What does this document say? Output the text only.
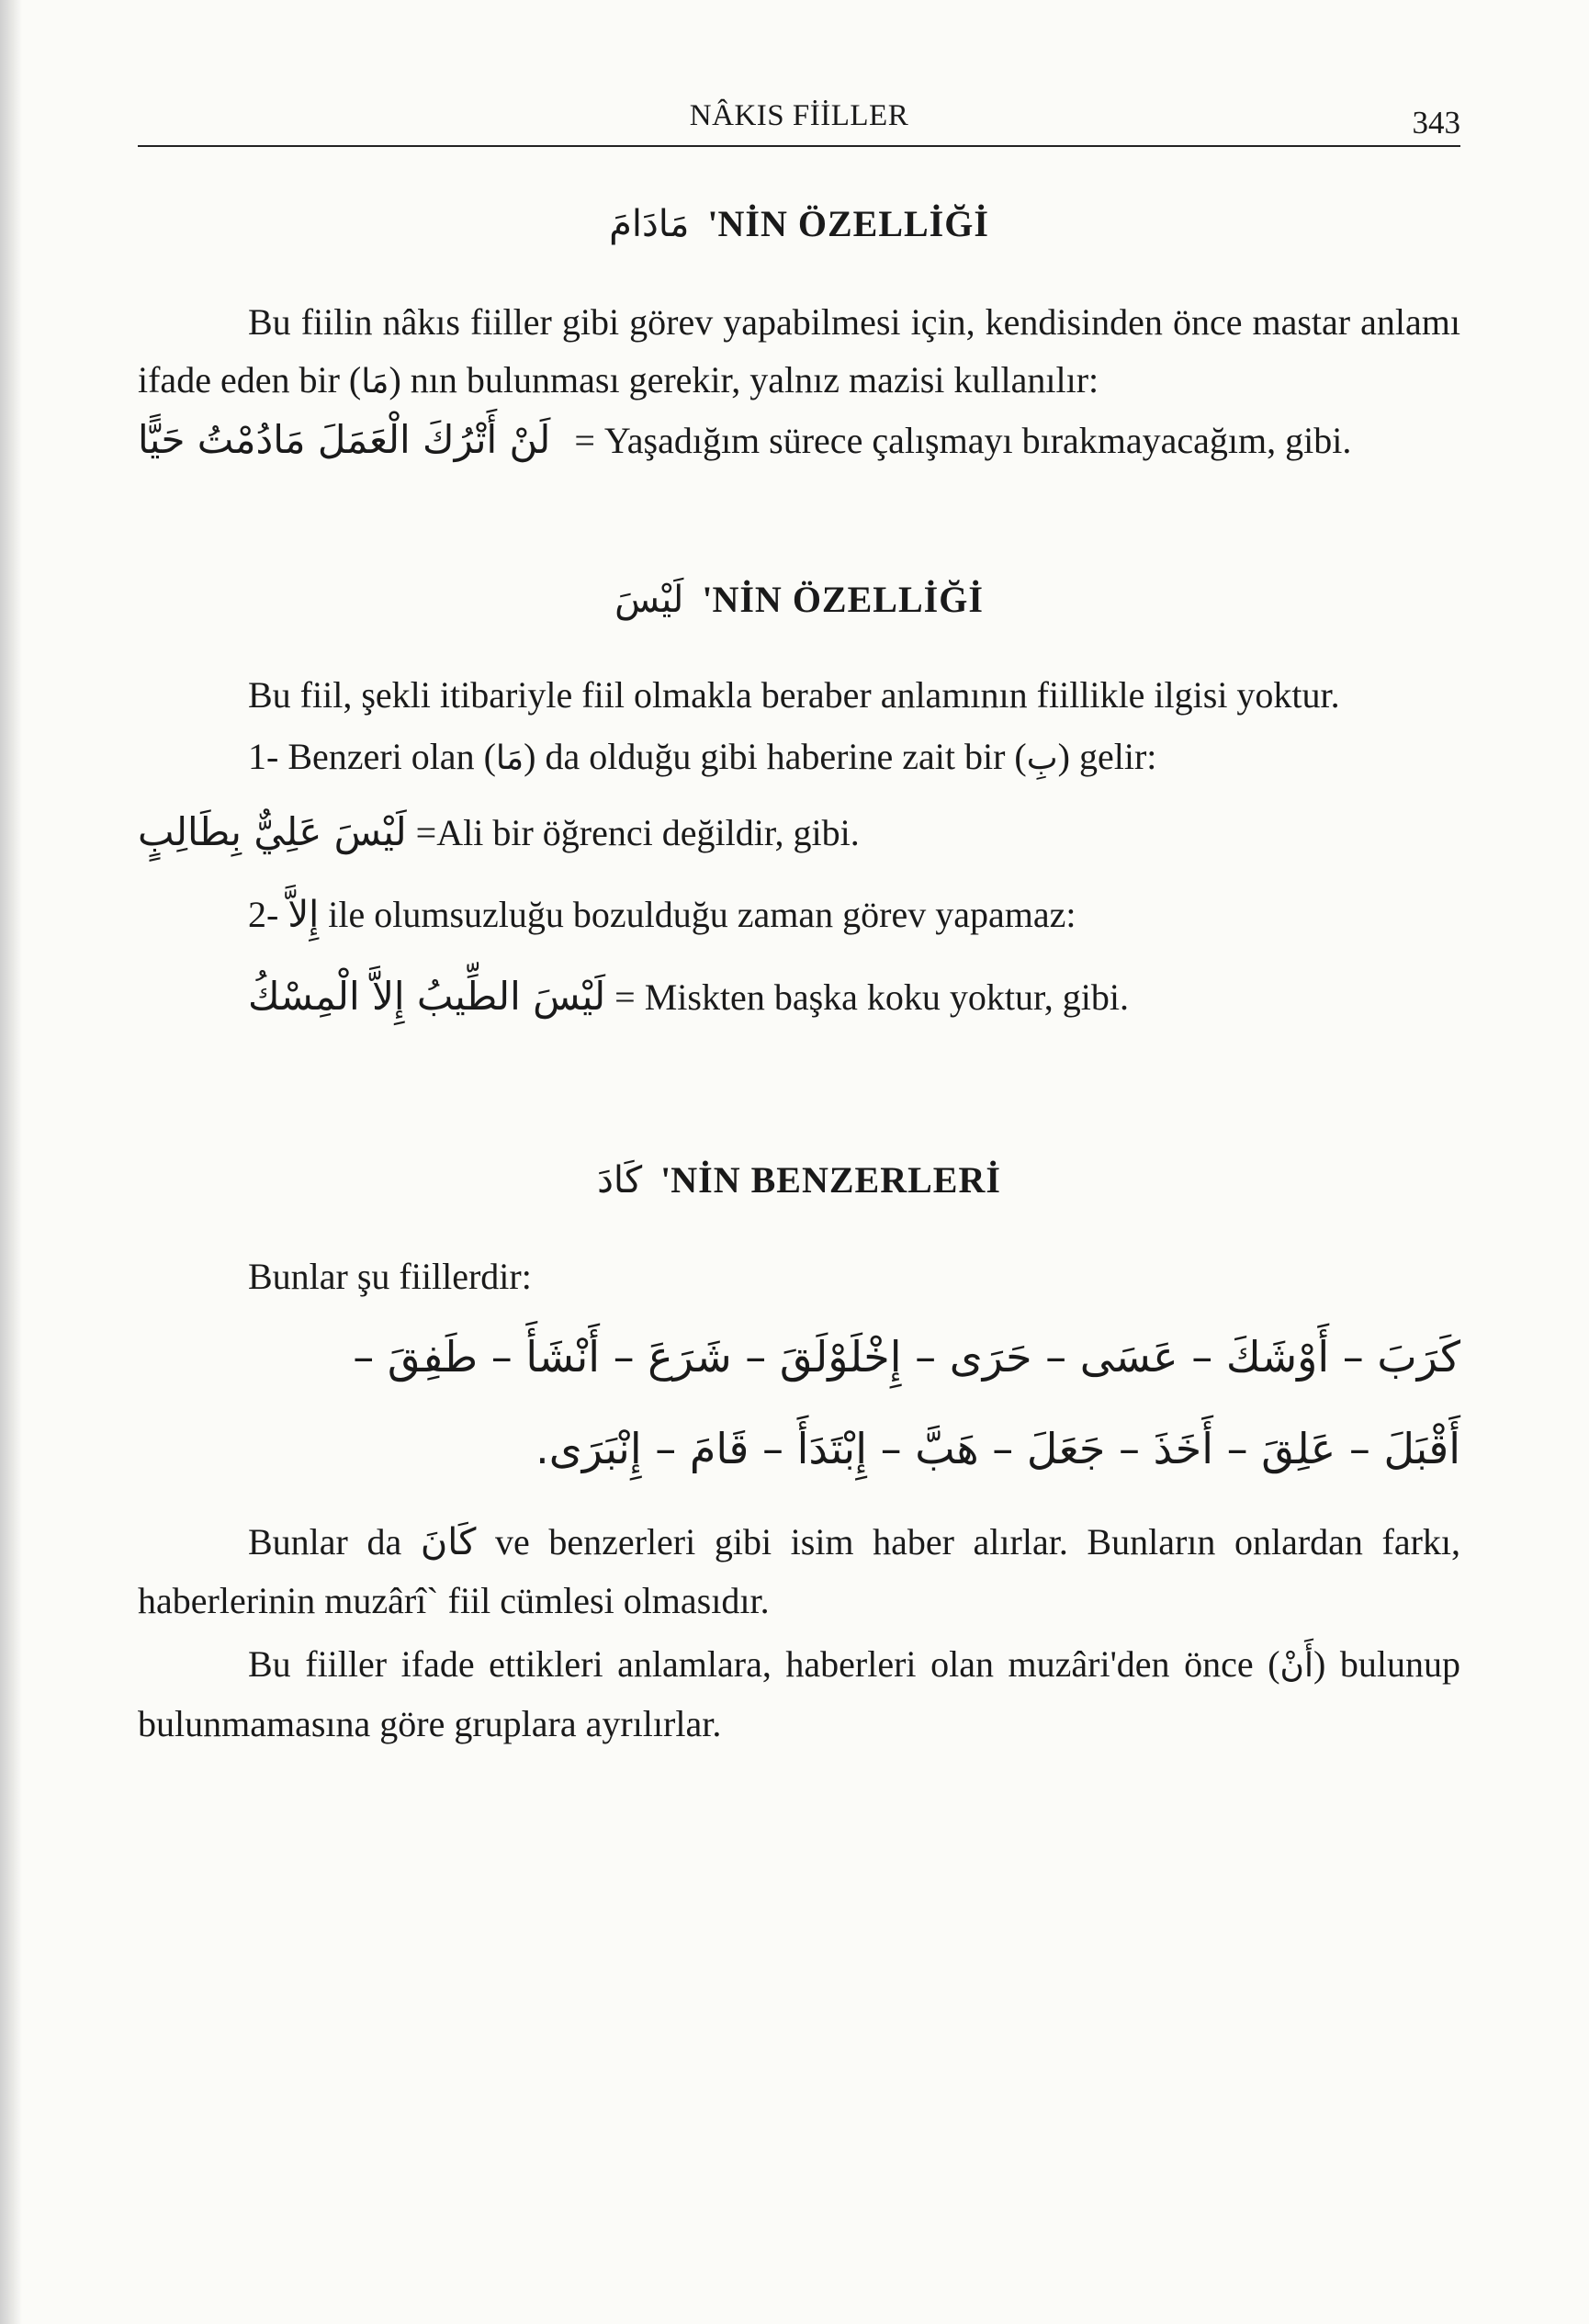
NÂKIS FİİLLER	343
مَادَامَ 'NİN ÖZELLİĞİ

Bu fiilin nâkıs fiiller gibi görev yapabilmesi için, kendisinden önce mastar anlamı ifade eden bir (مَا) nın bulunması gerekir, yalnız mazisi kullanılır:

لَنْ أَتْرُكَ الْعَمَلَ مَادُمْتُ حَيًّا = Yaşadığım sürece çalışmayı bırakmayacağım, gibi.

لَيْسَ 'NİN ÖZELLİĞİ

Bu fiil, şekli itibariyle fiil olmakla beraber anlamının fiillikle ilgisi yoktur.

1- Benzeri olan (مَا) da olduğu gibi haberine zait bir (بِ) gelir:

لَيْسَ عَلِيٌّ بِطَالِبٍ =Ali bir öğrenci değildir, gibi.

2- إِلاَّ ile olumsuzluğu bozulduğu zaman görev yapamaz:

لَيْسَ الطِّيبُ إِلاَّ الْمِسْكُ = Miskten başka koku yoktur, gibi.

كَادَ 'NİN BENZERLERİ

Bunlar şu fiillerdir:

كَرَبَ – أَوْشَكَ – عَسَى – حَرَى – إِخْلَوْلَقَ – شَرَعَ – أَنْشَأَ – طَفِقَ –
أَقْبَلَ – عَلِقَ – أَخَذَ – جَعَلَ – هَبَّ – إِبْتَدَأَ – قَامَ – إِنْبَرَى.

Bunlar da كَانَ ve benzerleri gibi isim haber alırlar. Bunların onlardan farkı, haberlerinin muzârî` fiil cümlesi olmasıdır.

Bu fiiller ifade ettikleri anlamlara, haberleri olan muzâri'den önce (أَنْ) bulunup bulunmamasına göre gruplara ayrılırlar.
